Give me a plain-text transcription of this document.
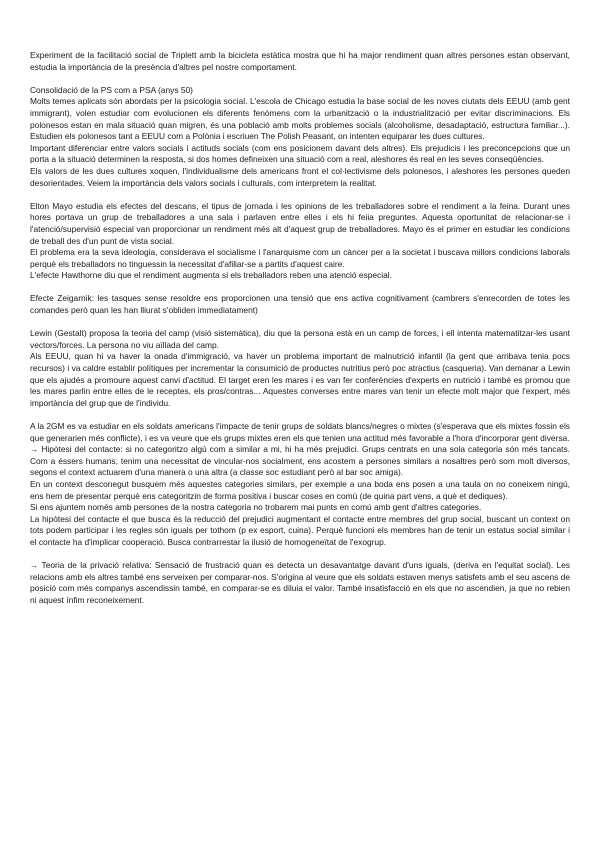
Experiment de la facilitació social de Triplett amb la bicicleta estàtica mostra que hi ha major rendiment quan altres persones estan observant, estudia la importància de la presència d'altres pel nostre comportament.

Consolidació de la PS com a PSA (anys 50)

Molts temes aplicats són abordats per la psicologia social. L'escola de Chicago estudia la base social de les noves ciutats dels EEUU (amb gent immigrant), volen estudiar com evolucionen els diferents fenòmens com la urbanització o la industrialització per evitar discriminacions. Els polonesos estan en mala situació quan migren, és una població amb molts problemes socials (alcoholisme, desadaptació, estructura familiar...). Estudien els polonesos tant a EEUU com a Polònia i escriuen The Polish Peasant, on intenten equiparar les dues cultures.

Important diferenciar entre valors socials i actituds socials (com ens posicionem davant dels altres). Els prejudicis i les preconcepcions que un porta a la situació determinen la resposta, si dos homes defineixen una situació com a real, aleshores és real en les seves conseqüències.

Els valors de les dues cultures xoquen, l'individualisme dels americans front el col·lectivisme dels polonesos, i aleshores les persones queden desorientades. Veiem la importància dels valors socials i culturals, com interpretem la realitat.

Elton Mayo estudia els efectes del descans, el tipus de jornada i les opinions de les treballadores sobre el rendiment a la feina. Durant unes hores portava un grup de treballadores a una sala i parlaven entre elles i els hi feiia preguntes. Aquesta oportunitat de relacionar-se i l'atenció/supervisió especial van proporcionar un rendiment més alt d'aquest grup de treballadores. Mayo és el primer en estudiar les condicions de treball des d'un punt de vista social.

El problema era la seva ideologia, considerava el socialisme i l'anarquisme com un càncer per a la societat i buscava millors condicions laborals perquè els treballadors no tinguessin la necessitat d'afiliar-se a partits d'aquest caire.

L'efecte Hawthorne diu que el rendiment augmenta si els treballadors reben una atenció especial.

Efecte Zeigarnik: les tasques sense resoldre ens proporcionen una tensió que ens activa cognitivament (cambrers s'enrecorden de totes les comandes però quan les han lliurat s'obliden immediatament)

Lewin (Gestalt) proposa la teoria del camp (visió sistemàtica), diu que la persona està en un camp de forces, i ell intenta matematitzar-les usant vectors/forces. La persona no viu aïllada del camp.

Als EEUU, quan hi va haver la onada d'immigració, va haver un problema important de malnutrició infantil (la gent que arribava tenia pocs recursos) i va caldre establir polítiques per incrementar la consumició de productes nutritius però poc atractius (casqueria). Van demanar a Lewin que els ajudés a promoure aquest canvi d'actitud. El target eren les mares i es van fer conferències d'experts en nutrició i també es promou que les mares parlin entre elles de le receptes, els pros/contras... Aquestes converses entre mares van tenir un efecte molt major que l'expert, més importància del grup que de l'individu.

A la 2GM es va estudiar en els soldats americans l'impacte de tenir grups de soldats blancs/negres o mixtes (s'esperava que els mixtes fossin els que generarien més conflicte), i es va veure que els grups mixtes eren els que tenien una actitud més favorable a l'hora d'incorporar gent diversa.

→ Hipòtesi del contacte: si no categoritzo algú com a similar a mi, hi ha més prejudici. Grups centrats en una sola categoria són més tancats. Com a éssers humans, tenim una necessitat de vincular-nos socialment, ens acostem a persones similars a nosaltres però som molt diversos, segons el context actuarem d'una manera o una altra (a classe soc estudiant però al bar soc amiga).

En un context desconegut busquem més aquestes categories similars, per exemple a una boda ens posen a una taula on no coneixem ningú, ens hem de presentar perquè ens categoritzin de forma positiva i buscar coses en comú (de quina part vens, a què et dediques).

Si ens ajuntem només amb persones de la nostra categoria no trobarem mai punts en comú amb gent d'altres categories.

La hipòtesi del contacte el que busca és la reducció del prejudici augmentant el contacte entre membres del grup social, buscant un context on tots podem participar i les regles són iguals per tothom (p ex esport, cuina). Perquè funcioni els membres han de tenir un estatus social similar i el contacte ha d'implicar cooperació. Busca contrarrestar la ilusió de homogeneïtat de l'exogrup.

→ Teoria de la privació relativa: Sensació de frustració quan es detecta un desavantatge davant d'uns iguals, (deriva en l'equitat social). Les relacions amb els altres també ens serveixen per comparar-nos. S'origina al veure que els soldats estaven menys satisfets amb el seu ascens de posició com més companys ascendissin també, en comparar-se es diluia el valor. També insatisfacció en els que no ascendien, ja que no rebien ni aquest ínfim reconeixement.
